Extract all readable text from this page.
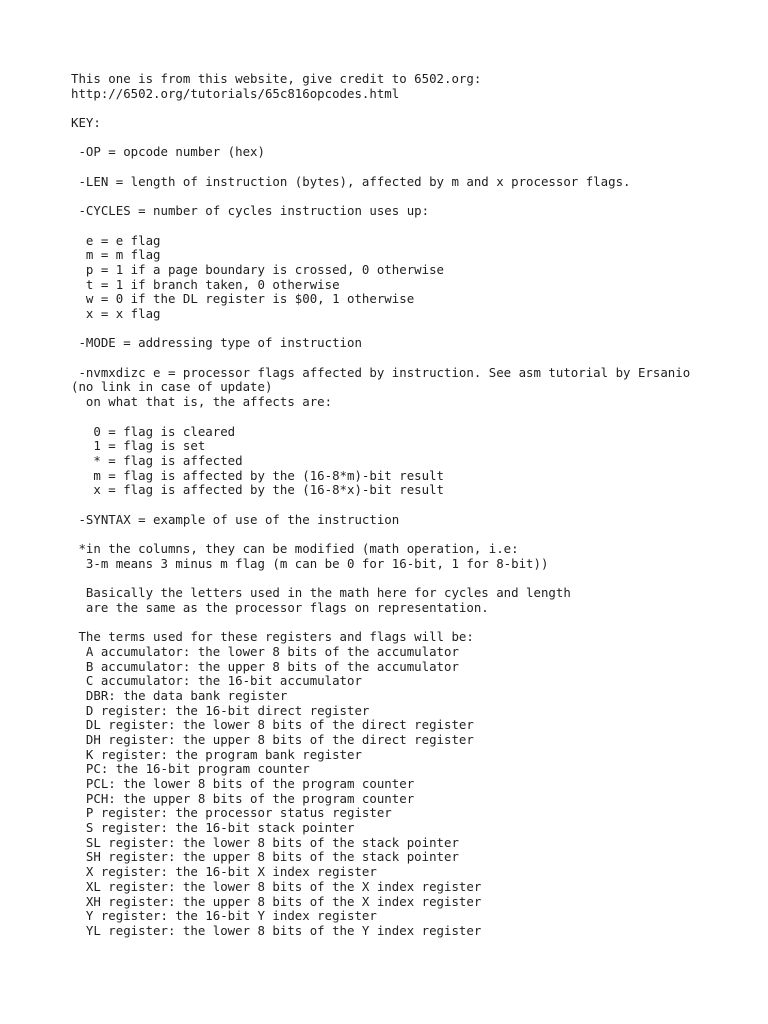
This one is from this website, give credit to 6502.org:
http://6502.org/tutorials/65c816opcodes.html
KEY:
-OP = opcode number (hex)
-LEN = length of instruction (bytes), affected by m and x processor flags.
-CYCLES = number of cycles instruction uses up:
e = e flag
m = m flag
p = 1 if a page boundary is crossed, 0 otherwise
t = 1 if branch taken, 0 otherwise
w = 0 if the DL register is $00, 1 otherwise
x = x flag
-MODE = addressing type of instruction
-nvmxdizc e = processor flags affected by instruction. See asm tutorial by Ersanio
(no link in case of update)
on what that is, the affects are:
0 = flag is cleared
1 = flag is set
* = flag is affected
m = flag is affected by the (16-8*m)-bit result
x = flag is affected by the (16-8*x)-bit result
-SYNTAX = example of use of the instruction
*in the columns, they can be modified (math operation, i.e:
3-m means 3 minus m flag (m can be 0 for 16-bit, 1 for 8-bit))
Basically the letters used in the math here for cycles and length
are the same as the processor flags on representation.
The terms used for these registers and flags will be:
A accumulator: the lower 8 bits of the accumulator
B accumulator: the upper 8 bits of the accumulator
C accumulator: the 16-bit accumulator
DBR: the data bank register
D register: the 16-bit direct register
DL register: the lower 8 bits of the direct register
DH register: the upper 8 bits of the direct register
K register: the program bank register
PC: the 16-bit program counter
PCL: the lower 8 bits of the program counter
PCH: the upper 8 bits of the program counter
P register: the processor status register
S register: the 16-bit stack pointer
SL register: the lower 8 bits of the stack pointer
SH register: the upper 8 bits of the stack pointer
X register: the 16-bit X index register
XL register: the lower 8 bits of the X index register
XH register: the upper 8 bits of the X index register
Y register: the 16-bit Y index register
YL register: the lower 8 bits of the Y index register
